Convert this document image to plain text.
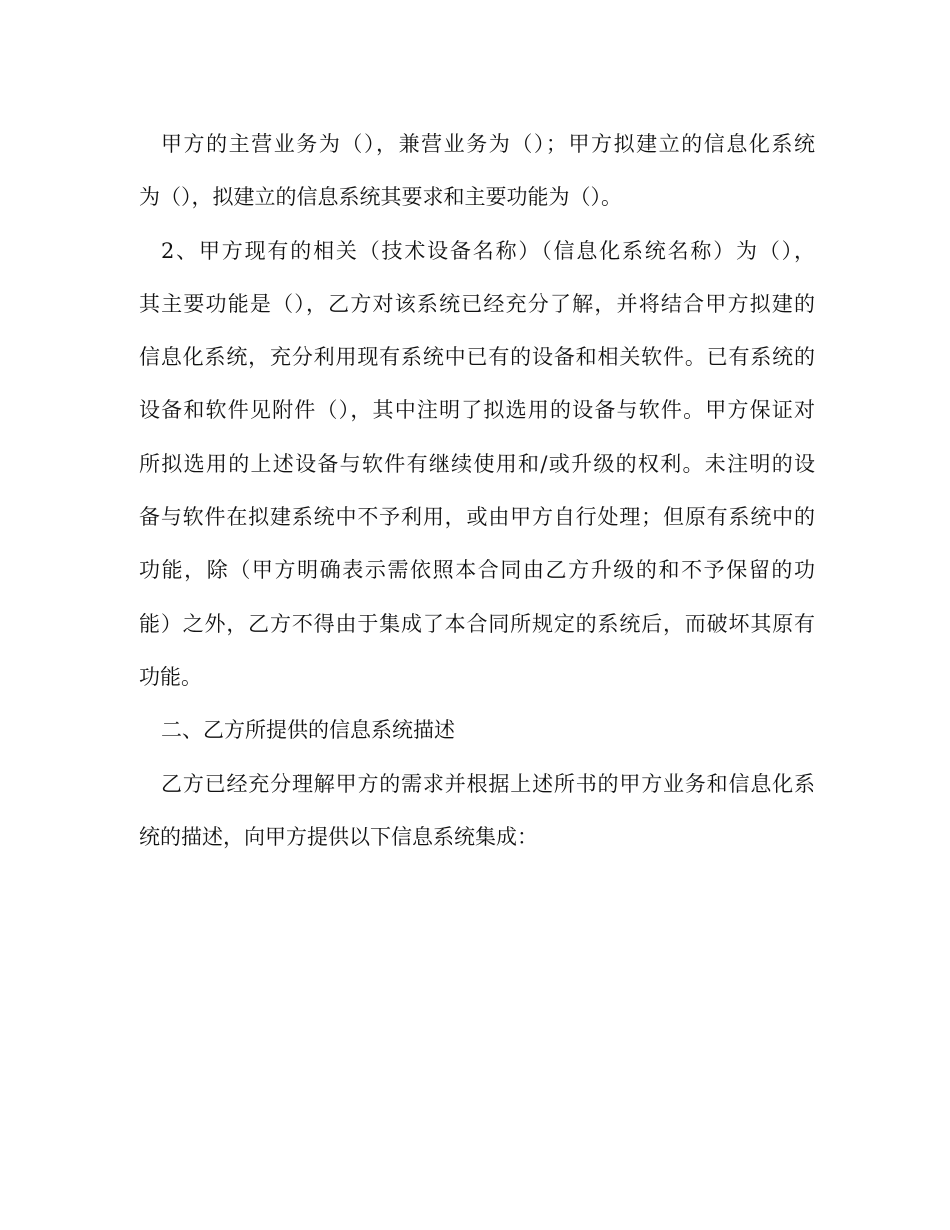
甲方的主营业务为（），兼营业务为（）；甲方拟建立的信息化系统
为（），拟建立的信息系统其要求和主要功能为（）。
2、甲方现有的相关（技术设备名称）（信息化系统名称）为（），
其主要功能是（），乙方对该系统已经充分了解，并将结合甲方拟建的
信息化系统，充分利用现有系统中已有的设备和相关软件。已有系统的
设备和软件见附件（），其中注明了拟选用的设备与软件。甲方保证对
所拟选用的上述设备与软件有继续使用和/或升级的权利。未注明的设
备与软件在拟建系统中不予利用，或由甲方自行处理；但原有系统中的
功能，除（甲方明确表示需依照本合同由乙方升级的和不予保留的功
能）之外，乙方不得由于集成了本合同所规定的系统后，而破坏其原有
功能。
二、乙方所提供的信息系统描述
乙方已经充分理解甲方的需求并根据上述所书的甲方业务和信息化系
统的描述，向甲方提供以下信息系统集成：
